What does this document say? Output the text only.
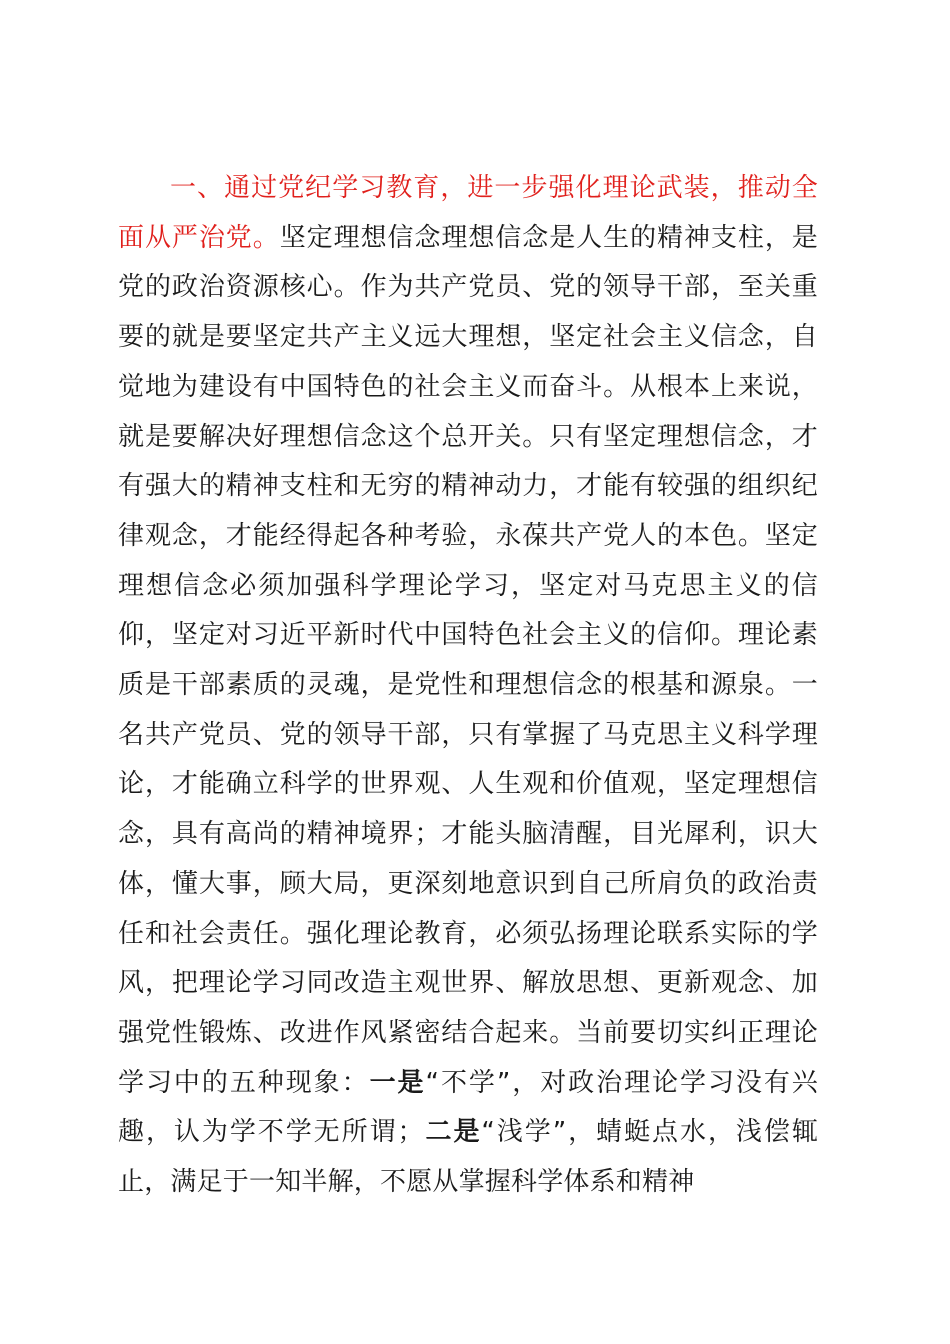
一、通过党纪学习教育，进一步强化理论武装，推动全面从严治党。坚定理想信念理想信念是人生的精神支柱，是党的政治资源核心。作为共产党员、党的领导干部，至关重要的就是要坚定共产主义远大理想，坚定社会主义信念，自觉地为建设有中国特色的社会主义而奋斗。从根本上来说，就是要解决好理想信念这个总开关。只有坚定理想信念，才有强大的精神支柱和无穷的精神动力，才能有较强的组织纪律观念，才能经得起各种考验，永葆共产党人的本色。坚定理想信念必须加强科学理论学习，坚定对马克思主义的信仰，坚定对习近平新时代中国特色社会主义的信仰。理论素质是干部素质的灵魂，是党性和理想信念的根基和源泉。一名共产党员、党的领导干部，只有掌握了马克思主义科学理论，才能确立科学的世界观、人生观和价值观，坚定理想信念，具有高尚的精神境界；才能头脑清醒，目光犀利，识大体，懂大事，顾大局，更深刻地意识到自己所肩负的政治责任和社会责任。强化理论教育，必须弘扬理论联系实际的学风，把理论学习同改造主观世界、解放思想、更新观念、加强党性锻炼、改进作风紧密结合起来。当前要切实纠正理论学习中的五种现象：一是“不学”，对政治理论学习没有兴趣，认为学不学无所谓；二是“浅学”，蜻蜓点水，浅偿辄止，满足于一知半解，不愿从掌握科学体系和精神
